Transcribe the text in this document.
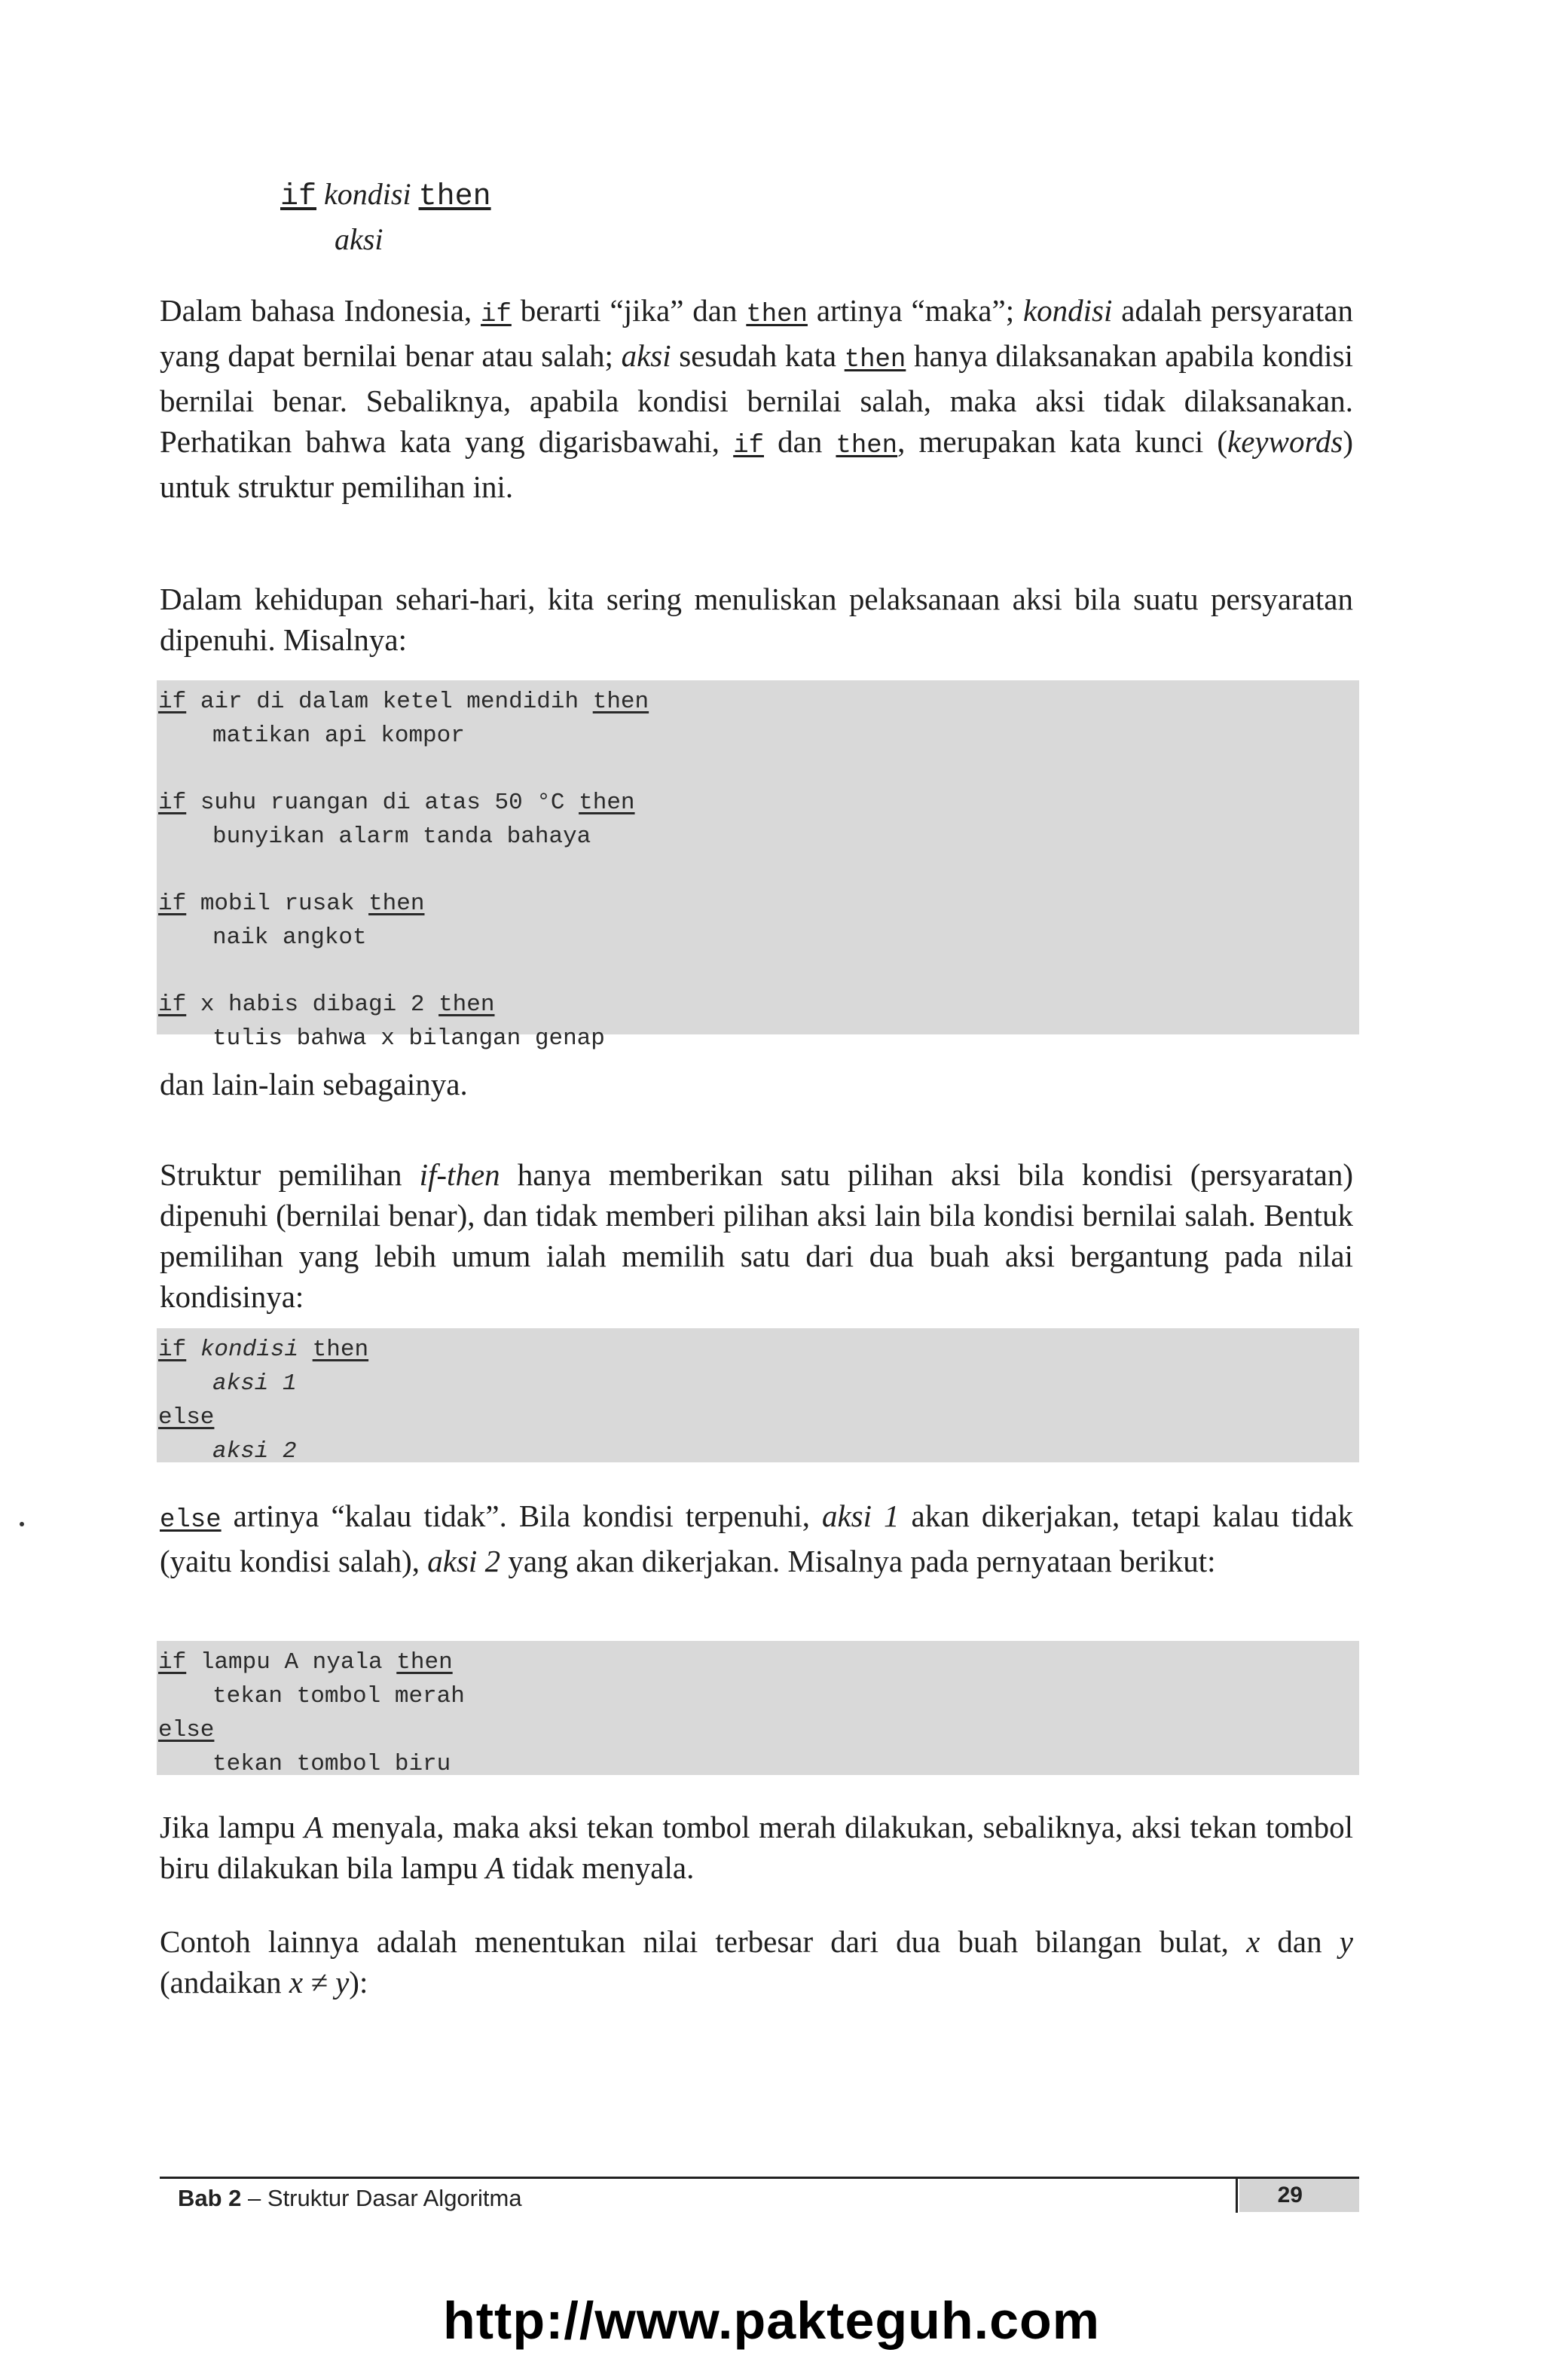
if kondisi then
aksi

Dalam bahasa Indonesia, if berarti “jika” dan then artinya “maka”; kondisi adalah persyaratan yang dapat bernilai benar atau salah; aksi sesudah kata then hanya dilaksanakan apabila kondisi bernilai benar. Sebaliknya, apabila kondisi bernilai salah, maka aksi tidak dilaksanakan. Perhatikan bahwa kata yang digarisbawahi, if dan then, merupakan kata kunci (keywords) untuk struktur pemilihan ini.

Dalam kehidupan sehari-hari, kita sering menuliskan pelaksanaan aksi bila suatu persyaratan dipenuhi. Misalnya:

if air di dalam ketel mendidih then
matikan api kompor
if suhu ruangan di atas 50 °C then
bunyikan alarm tanda bahaya
if mobil rusak then
naik angkot
if x habis dibagi 2 then
tulis bahwa x bilangan genap

dan lain-lain sebagainya.

Struktur pemilihan if-then hanya memberikan satu pilihan aksi bila kondisi (persyaratan) dipenuhi (bernilai benar), dan tidak memberi pilihan aksi lain bila kondisi bernilai salah. Bentuk pemilihan yang lebih umum ialah memilih satu dari dua buah aksi bergantung pada nilai kondisinya:

if kondisi then
aksi 1
else
aksi 2

else artinya “kalau tidak”. Bila kondisi terpenuhi, aksi 1 akan dikerjakan, tetapi kalau tidak (yaitu kondisi salah), aksi 2 yang akan dikerjakan. Misalnya pada pernyataan berikut:

if lampu A nyala then
tekan tombol merah
else
tekan tombol biru

Jika lampu A menyala, maka aksi tekan tombol merah dilakukan, sebaliknya, aksi tekan tombol biru dilakukan bila lampu A tidak menyala.

Contoh lainnya adalah menentukan nilai terbesar dari dua buah bilangan bulat, x dan y (andaikan x ≠ y):

Bab 2 – Struktur Dasar Algoritma	29
http://www.pakteguh.com
